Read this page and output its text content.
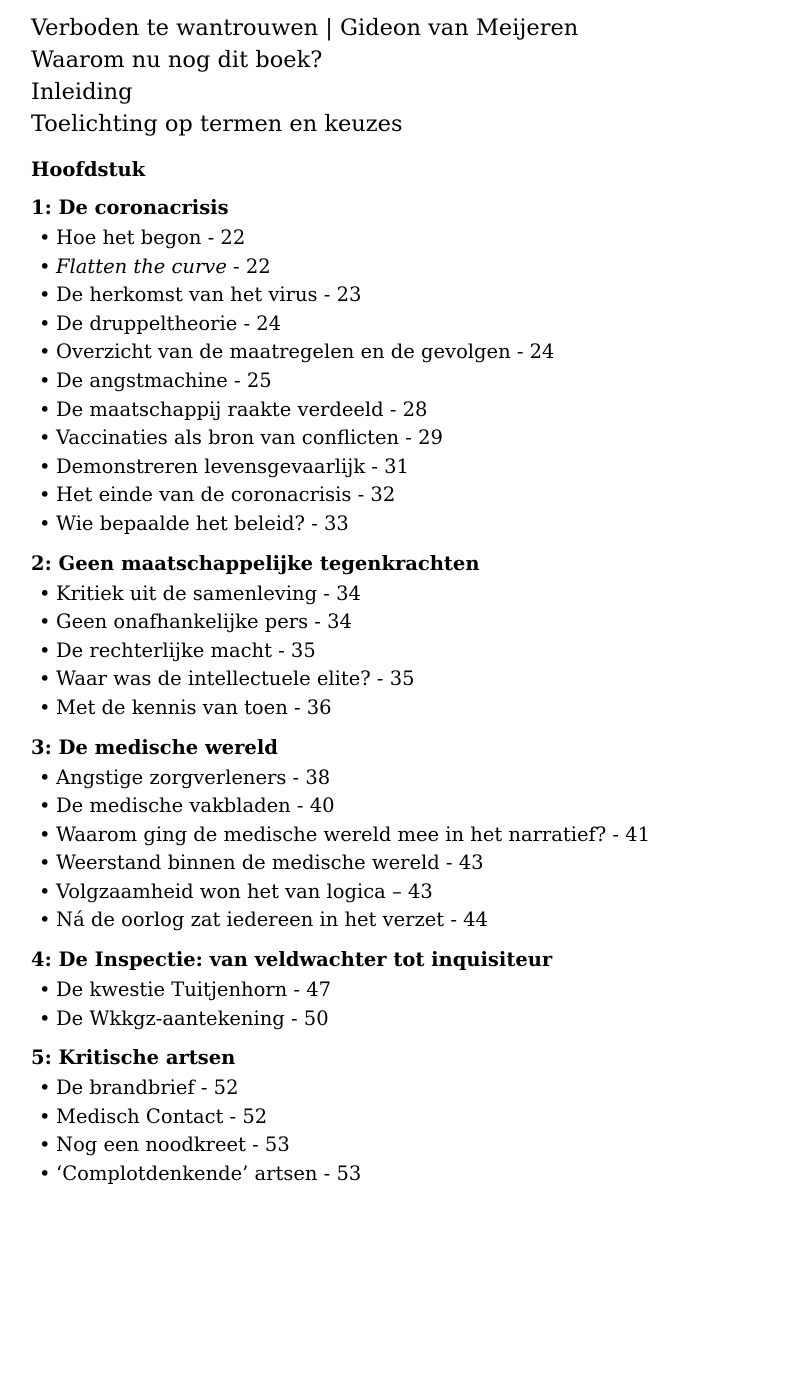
Verboden te wantrouwen | Gideon van Meijeren
Waarom nu nog dit boek?
Inleiding
Toelichting op termen en keuzes
Hoofdstuk
1: De coronacrisis
• Hoe het begon - 22
• Flatten the curve - 22
• De herkomst van het virus - 23
• De druppeltheorie - 24
• Overzicht van de maatregelen en de gevolgen - 24
• De angstmachine - 25
• De maatschappij raakte verdeeld - 28
• Vaccinaties als bron van conflicten - 29
• Demonstreren levensgevaarlijk - 31
• Het einde van de coronacrisis - 32
• Wie bepaalde het beleid? - 33
2: Geen maatschappelijke tegenkrachten
• Kritiek uit de samenleving - 34
• Geen onafhankelijke pers - 34
• De rechterlijke macht - 35
• Waar was de intellectuele elite? - 35
• Met de kennis van toen - 36
3: De medische wereld
• Angstige zorgverleners - 38
• De medische vakbladen - 40
• Waarom ging de medische wereld mee in het narratief? - 41
• Weerstand binnen de medische wereld - 43
• Volgzaamheid won het van logica – 43
• Ná de oorlog zat iedereen in het verzet - 44
4: De Inspectie: van veldwachter tot inquisiteur
• De kwestie Tuitjenhorn - 47
• De Wkkgz-aantekening - 50
5: Kritische artsen
• De brandbrief - 52
• Medisch Contact - 52
• Nog een noodkreet - 53
• ‘Complotdenkende’ artsen - 53
